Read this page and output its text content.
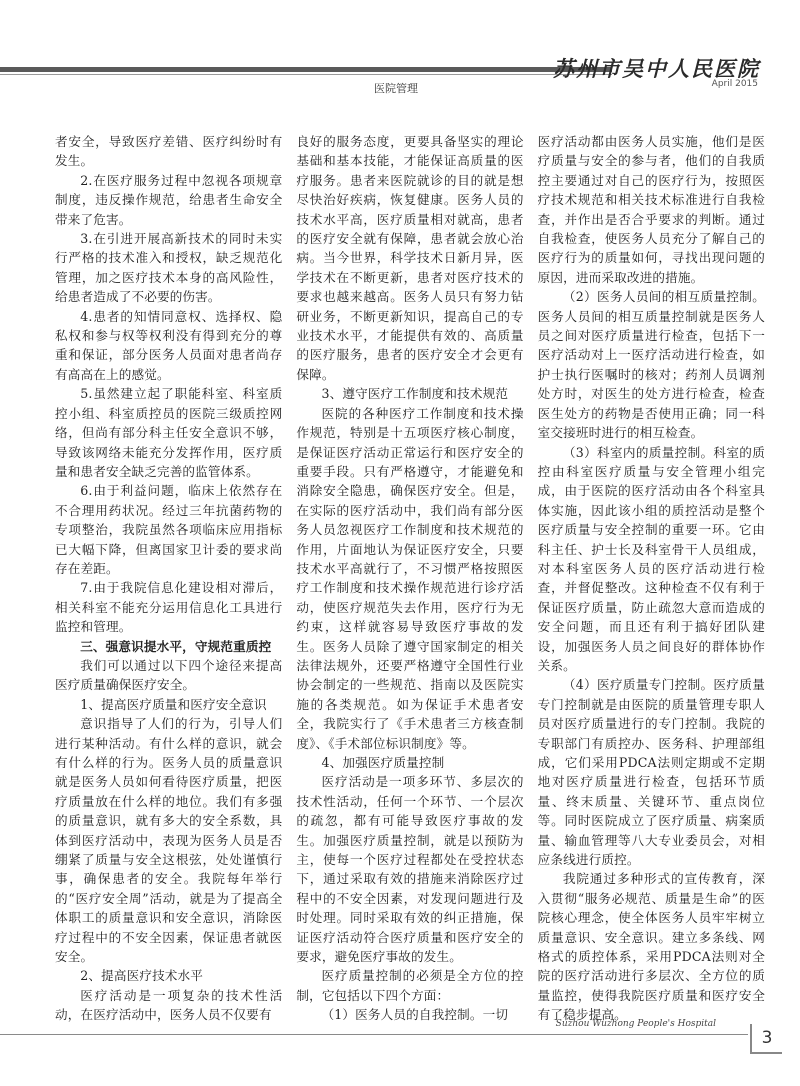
苏州市吴中人民医院
April 2015
医院管理

者安全，导致医疗差错、医疗纠纷时有发生。

2.在医疗服务过程中忽视各项规章制度，违反操作规范，给患者生命安全带来了危害。

3.在引进开展高新技术的同时未实行严格的技术准入和授权，缺乏规范化管理，加之医疗技术本身的高风险性，给患者造成了不必要的伤害。

4.患者的知情同意权、选择权、隐私权和参与权等权利没有得到充分的尊重和保证，部分医务人员面对患者尚存有高高在上的感觉。

5.虽然建立起了职能科室、科室质控小组、科室质控员的医院三级质控网络，但尚有部分科主任安全意识不够，导致该网络未能充分发挥作用，医疗质量和患者安全缺乏完善的监管体系。

6.由于利益问题，临床上依然存在不合理用药状况。经过三年抗菌药物的专项整治，我院虽然各项临床应用指标已大幅下降，但离国家卫计委的要求尚存在差距。

7.由于我院信息化建设相对滞后，相关科室不能充分运用信息化工具进行监控和管理。

三、强意识提水平，守规范重质控

我们可以通过以下四个途径来提高医疗质量确保医疗安全。

1、提高医疗质量和医疗安全意识

意识指导了人们的行为，引导人们进行某种活动。有什么样的意识，就会有什么样的行为。医务人员的质量意识就是医务人员如何看待医疗质量，把医疗质量放在什么样的地位。我们有多强的质量意识，就有多大的安全系数，具体到医疗活动中，表现为医务人员是否绷紧了质量与安全这根弦，处处谨慎行事，确保患者的安全。我院每年举行的“医疗安全周”活动，就是为了提高全体职工的质量意识和安全意识，消除医疗过程中的不安全因素，保证患者就医安全。

2、提高医疗技术水平

医疗活动是一项复杂的技术性活动，在医疗活动中，医务人员不仅要有

良好的服务态度，更要具备坚实的理论基础和基本技能，才能保证高质量的医疗服务。患者来医院就诊的目的就是想尽快治好疾病，恢复健康。医务人员的技术水平高，医疗质量相对就高，患者的医疗安全就有保障，患者就会放心治病。当今世界，科学技术日新月异，医学技术在不断更新，患者对医疗技术的要求也越来越高。医务人员只有努力钻研业务，不断更新知识，提高自己的专业技术水平，才能提供有效的、高质量的医疗服务，患者的医疗安全才会更有保障。

3、遵守医疗工作制度和技术规范

医院的各种医疗工作制度和技术操作规范，特别是十五项医疗核心制度，是保证医疗活动正常运行和医疗安全的重要手段。只有严格遵守，才能避免和消除安全隐患，确保医疗安全。但是，在实际的医疗活动中，我们尚有部分医务人员忽视医疗工作制度和技术规范的作用，片面地认为保证医疗安全，只要技术水平高就行了，不习惯严格按照医疗工作制度和技术操作规范进行诊疗活动，使医疗规范失去作用，医疗行为无约束，这样就容易导致医疗事故的发生。医务人员除了遵守国家制定的相关法律法规外，还要严格遵守全国性行业协会制定的一些规范、指南以及医院实施的各类规范。如为保证手术患者安全，我院实行了《手术患者三方核查制度》、《手术部位标识制度》等。

4、加强医疗质量控制

医疗活动是一项多环节、多层次的技术性活动，任何一个环节、一个层次的疏忽，都有可能导致医疗事故的发生。加强医疗质量控制，就是以预防为主，使每一个医疗过程都处在受控状态下，通过采取有效的措施来消除医疗过程中的不安全因素，对发现问题进行及时处理。同时采取有效的纠正措施，保证医疗活动符合医疗质量和医疗安全的要求，避免医疗事故的发生。

医疗质量控制的必须是全方位的控制，它包括以下四个方面：

（1）医务人员的自我控制。一切

医疗活动都由医务人员实施，他们是医疗质量与安全的参与者，他们的自我质控主要通过对自己的医疗行为，按照医疗技术规范和相关技术标准进行自我检查，并作出是否合乎要求的判断。通过自我检查，使医务人员充分了解自己的医疗行为的质量如何，寻找出现问题的原因，进而采取改进的措施。

（2）医务人员间的相互质量控制。医务人员间的相互质量控制就是医务人员之间对医疗质量进行检查，包括下一医疗活动对上一医疗活动进行检查，如护士执行医嘱时的核对；药剂人员调剂处方时，对医生的处方进行检查，检查医生处方的药物是否使用正确；同一科室交接班时进行的相互检查。

（3）科室内的质量控制。科室的质控由科室医疗质量与安全管理小组完成，由于医院的医疗活动由各个科室具体实施，因此该小组的质控活动是整个医疗质量与安全控制的重要一环。它由科主任、护士长及科室骨干人员组成，对本科室医务人员的医疗活动进行检查，并督促整改。这种检查不仅有利于保证医疗质量，防止疏忽大意而造成的安全问题，而且还有利于搞好团队建设，加强医务人员之间良好的群体协作关系。

（4）医疗质量专门控制。医疗质量专门控制就是由医院的质量管理专职人员对医疗质量进行的专门控制。我院的专职部门有质控办、医务科、护理部组成，它们采用PDCA法则定期或不定期地对医疗质量进行检查，包括环节质量、终末质量、关键环节、重点岗位等。同时医院成立了医疗质量、病案质量、输血管理等八大专业委员会，对相应条线进行质控。

我院通过多种形式的宣传教育，深入贯彻“服务必规范、质量是生命”的医院核心理念，使全体医务人员牢牢树立质量意识、安全意识。建立多条线、网格式的质控体系，采用PDCA法则对全院的医疗活动进行多层次、全方位的质量监控，使得我院医疗质量和医疗安全有了稳步提高。

Suzhou Wuzhong People's Hospital
3
